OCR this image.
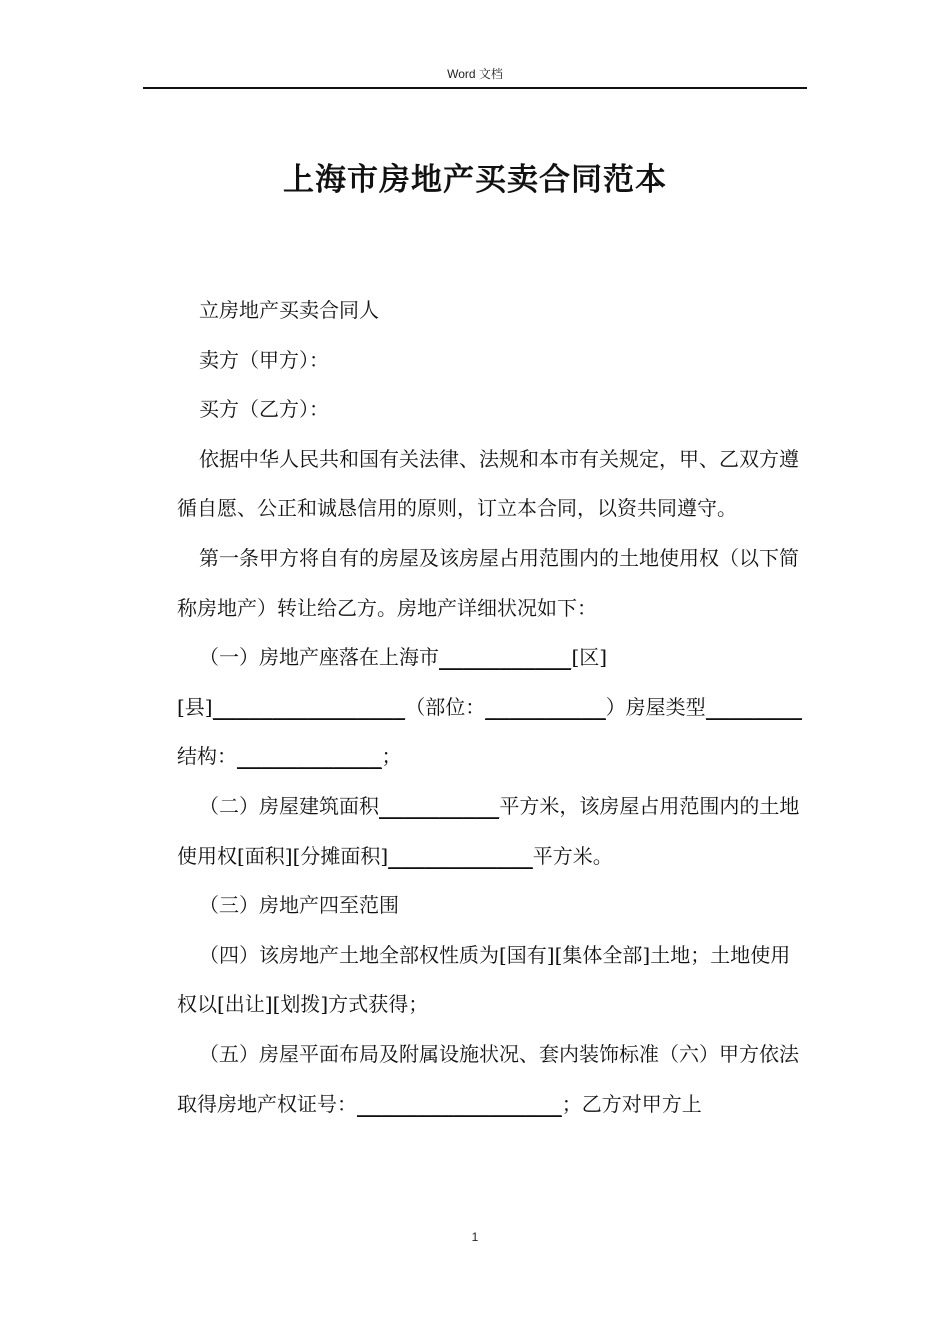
Word 文档
上海市房地产买卖合同范本

立房地产买卖合同人

卖方（甲方）：

买方（乙方）：

依据中华人民共和国有关法律、法规和本市有关规定，甲、乙双方遵循自愿、公正和诚恳信用的原则，订立本合同，以资共同遵守。

第一条甲方将自有的房屋及该房屋占用范围内的土地使用权（以下简称房地产）转让给乙方。房地产详细状况如下：

（一）房地产座落在上海市___________[区][县]________________（部位：__________）房屋类型________结构：____________；

（二）房屋建筑面积__________平方米，该房屋占用范围内的土地使用权[面积][分摊面积]____________平方米。

（三）房地产四至范围

（四）该房地产土地全部权性质为[国有][集体全部]土地；土地使用权以[出让][划拨]方式获得；

（五）房屋平面布局及附属设施状况、套内装饰标准（六）甲方依法取得房地产权证号：_________________；乙方对甲方上

1
